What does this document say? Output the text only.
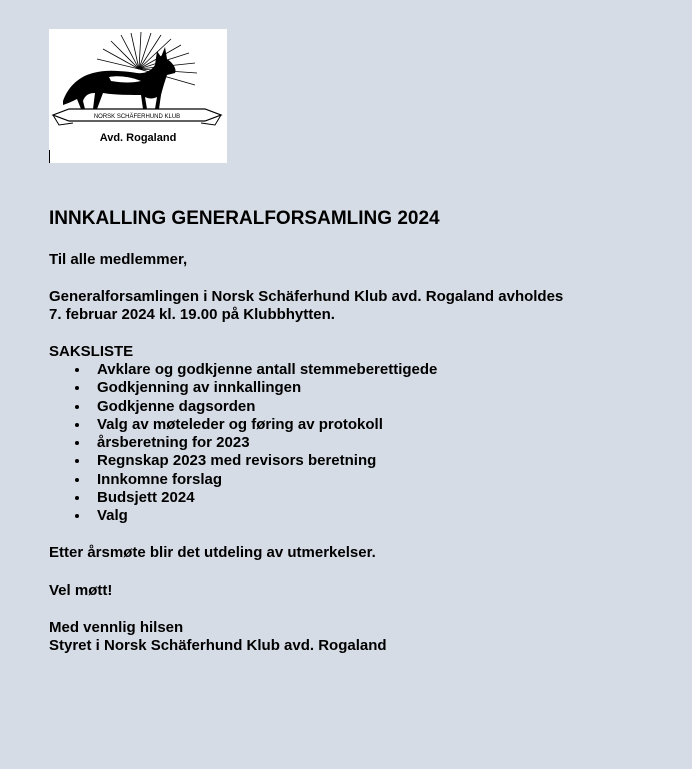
NORSK SCHÄFERHUND KLUB
Avd. Rogaland
INNKALLING GENERALFORSAMLING 2024
Til alle medlemmer,
Generalforsamlingen i Norsk Schäferhund Klub avd. Rogaland avholdes
7. februar 2024 kl. 19.00 på Klubbhytten.
SAKSLISTE
Avklare og godkjenne antall stemmeberettigede
Godkjenning av innkallingen
Godkjenne dagsorden
Valg av møteleder og føring av protokoll
årsberetning for 2023
Regnskap 2023 med revisors beretning
Innkomne forslag
Budsjett 2024
Valg
Etter årsmøte blir det utdeling av utmerkelser.
Vel møtt!
Med vennlig hilsen
Styret i Norsk Schäferhund Klub avd. Rogaland
